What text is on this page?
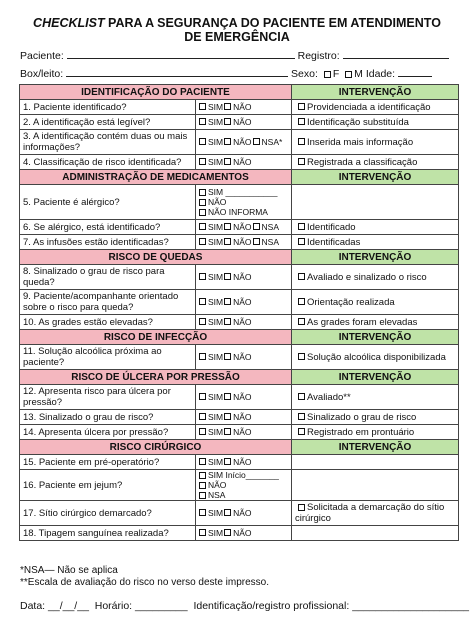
CHECKLIST PARA A SEGURANÇA DO PACIENTE EM ATENDIMENTO
DE EMERGÊNCIA
Paciente:	Registro:
Box/leito:	Sexo: F M Idade:
IDENTIFICAÇÃO DO PACIENTE		INTERVENÇÃO
1. Paciente identificado?	SIM NÃO	Providenciada a identificação
2. A identificação está legível?	SIM NÃO	Identificação substituída
3. A identificação contém duas ou mais informações?	SIM NÃO NSA*	Inserida mais informação
4. Classificação de risco identificada?	SIM NÃO	Registrada a classificação
ADMINISTRAÇÃO DE MEDICAMENTOS		INTERVENÇÃO
5. Paciente é alérgico?	SIM ___________
NÃO
NÃO INFORMA	

6. Se alérgico, está identificado?	SIM NÃO NSA	Identificado
7. As infusões estão identificadas?	SIM NÃO NSA	Identificadas
RISCO DE QUEDAS		INTERVENÇÃO
8. Sinalizado o grau de risco para queda?	SIM NÃO	Avaliado e sinalizado o risco
9. Paciente/acompanhante orientado sobre o risco para queda?	SIM NÃO	Orientação realizada
10. As grades estão elevadas?	SIM NÃO	As grades foram elevadas
RISCO DE INFECÇÃO		INTERVENÇÃO
11. Solução alcoólica próxima ao paciente?	SIM NÃO	Solução alcoólica disponibilizada
RISCO DE ÚLCERA POR PRESSÃO		INTERVENÇÃO
12. Apresenta risco para úlcera por pressão?	SIM NÃO	Avaliado**
13. Sinalizado o grau de risco?	SIM NÃO	Sinalizado o grau de risco
14. Apresenta úlcera por pressão?	SIM NÃO	Registrado em prontuário
RISCO CIRÚRGICO		INTERVENÇÃO
15. Paciente em pré-operatório?	SIM NÃO	
16. Paciente em jejum?	SIM Início_______
NÃO
NSA	

17. Sítio cirúrgico demarcado?	SIM NÃO	Solicitada a demarcação do sítio cirúrgico
18. Tipagem sanguínea realizada?	SIM NÃO	
*NSA— Não se aplica
**Escala de avaliação do risco no verso deste impresso.
Data: __/__/__ Horário: _________ Identificação/registro profissional: ____________________
